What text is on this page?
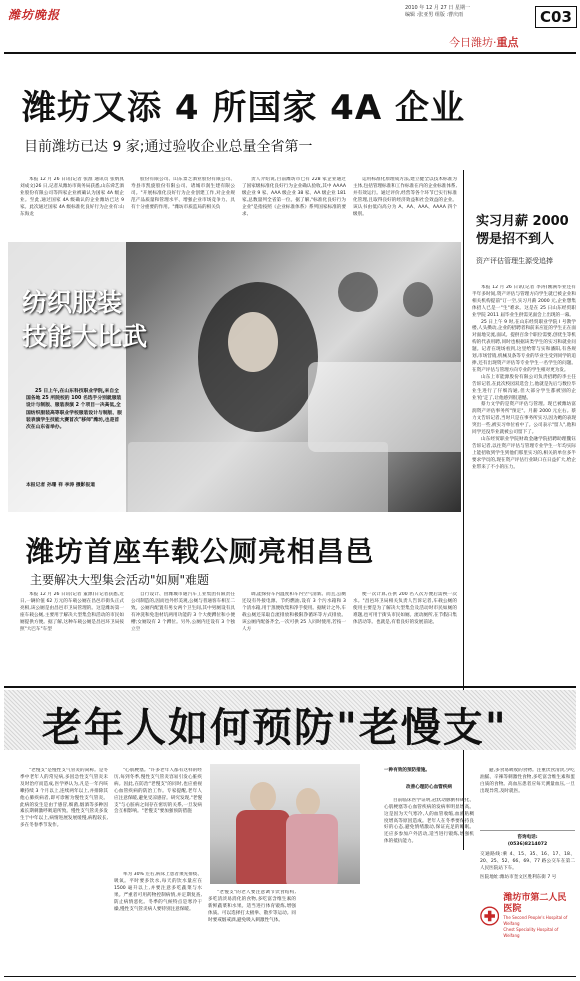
潍坊晚报	2010 年 12 月 27 日 星期一
编辑 :张亚男 组版 :曹庆雨	C03
今日潍坊·重点
潍坊又添 4 所国家 4A 企业
目前潍坊已达 9 家;通过验收企业总量全省第一
本报 12 月 26 日讯(记者 张淮 通讯员 张炳真 刘成文)26 日,记者从潍坊市商务局获悉,山东舜艺酒业股份有限公司等四家企业被确认为国家 4A 级企业。至此,通过国家 4A 级确认的企业潍坊已达 9 家。此次通过国家 4A 级标准化良好行为企业有:山东海龙
股份有限公司、山东景芝酒业股份有限公司、寿县市凯旋股份有限公司、诸城市润生建有限公司。"开展标准化良好行为企业创建工作,对企业规范产品质量和管理水平、增强企业市场竞争力、具有十分重要的作用。"潍坊市质监局的相关负
责人介绍说,目前潍坊市已有 228 家企业通过了国家级标准化良好行为企业确认验收,其中 AAAA 级企业 9 家、AAA 级企业 38 家、AA 级企业 181 家,总数量列全省第一位。据了解,"标准化良好行为企业"是指按照《企业标准体系》系列国家标准的要求,
运用标准化原理成方法,建立健全以技术标准为主体,包括管理标准和工作标准在内的企业标准体系,并有效运行。通过评价,经营等各个环节已实行标准化管理,且取得良好的经济效益和社会效益的企业。该认书由低向高分为 A、AA、AAA、AAAA 四个级别。	实习月薪 2000
愣是招不到人
资产评估管理生源受追捧

本报 12 月 26 日讯(记者 李涛)刚满毕业还有半年多时间,资产评估与管理方向学生就已被企业和相关机构提前"订一空,实习月薪 2000 元,企业想集体招人已是一"生"难求。这是在 25 日山东经贸职业学院 2011 届毕业生供需见面会上出现的一幕。

25 日上午 9 时,在山东经贸职业学院 I 号教学楼,人头攒动,企业的招聘者和前来应征的学生正在面对面地交流,面试。提供百余个职位需要,创优生等机构的代表用聘,同时也根据该类学生的实习和就业问题。记者在现场看到,这里给带与实和潘阳,有各规划,市场营销,机械及条等专业的毕业生受到同学的追捧,还有出现资产评估等专业学生一名学生的问题。在资产评估与管理方向专业的学生相对更为发。

山东上市能源股份有限公司负责招聘的李主任告诉记者,在此次校园双选会上,他就是先后与数位毕业生进行了仔细沟通,但大部分学生都被别的企业'抢'走了,让他感到很遗憾。

蔡力文学的是资产评估与管理。现已被潍坊富润资产评估事务所"预定"。月薪 2000 元左右。蔡力文告诉记者,当时只是在事务所实习,因为她的表现突出一些,被实习单位看中了。公司表示"留人",他和同学还没毕业就被公司留下了。

山东经贸职业学院财政金融学院招聘助理魏钰告诉记者,以往资产评估与管理专业学生一年均实际上能招收到学生到他们那里实习的,相关的单位多半要求学员的,现在资产评估行业缺口在日益扩大,给企业带来了不小的压力。

纺织服装
技能大比武
25 日上午,在山东科技职业学院,来自全国各地 25 所院校的 100 名选手分别就服装设计与制版、服装表演 2 个项目一决高低,全国纺织服装高等职业学校服装设计与制版、服装表演学生技能大赛首次"移师"潍坊,也是首次在山东省举办。
本报记者 孙珊 祥 李涛 摄影报道
潍坊首座车载公厕亮相昌邑
主要解决大型集会活动"如厕"难题
本报 12 月 26 日讯(记者 董源)日记者获悉,近日,一辆价值 62 万元的车载公厕在昌邑市街头正式亮相,该公厕是由昌邑市卫局管理的。这是潍坊第一座车载公厕,主要用于解决大型集会和活动的市民如厕提供方便。据了解,这种车载公厕是昌邑环卫局按照"大巴车"车型
自行设计、由潍城市通汽车工业集团有限责任公司制造的,因而也外形美观,公厕与普通客车相互二致。公厕内配置有男女两个卫生间,其中男厕设有具有冲洗和免泡材坑两用功能的 3 个大便蹲位和小便槽;女厕设有 2 个蹲位。另外,公厕内还设有 3 个独立空
调,能保持车内温度和车内空气清新。而且,公厕还设有外接电源、节约燃油,设有 3 个污水箱和 3 个清水箱,用于蒸便收集和净手使用。据统计之外,车载公厕还采取自流排放和极限净循环等方式排放。该公厕内配备齐全,一次可供 25 人同时使用,若按一人方
便一次计算,在供 200 名人次方便后需换一次水。"昌邑环卫局相关负责人告诉记者,车载公厕的使用主要是为了解决大型集会及活动时市民如厕的难题,也可用于街头市民如厕。流动厕所,在节假日集体活动等。也就是,有着良好的发展前途。
老年人如何预防"老慢支"
"老慢支"是慢性支气管炎的简称。是冬季中老年人的常见病,多因急性支气管炎未及时治疗而造成,医学界认为,凡是一年内咳嗽持续 3 个月以上,连续两年以上,并排除其他心肺疾病者,即可诊断为慢性支气管炎。此病的发生是由于感冒,细菌,烟酒等多种因素长期刺激呼吸道所致。慢性支气管炎多发生于中年以上,病情进展发展缓慢,病程较长,多在冬春季节发作。
"心肌梗塞。"许多老年人都有这样的经历,每到冬季,慢性支气管炎容易引发心脏疾病。因此,在防治"老慢支"的同时,也应重视心血管疾病的防治工作。专家提醒,老年人应注意保暖,避免受凉感冒。研究发现,"老慢支"与心脏病之间存在密切的关系,一旦发病会互相影响。"老慢支"要加强预防措施
率为 30% 左右,病床上患者须先排痰、吸氧。平时要多饮水,每天的饮水量应在 1500 毫升以上,并要注意多吃蔬菜与水果。严重者可用药物控制病情,并定期复查,防止病情恶化。冬季的气候特点是寒冷干燥,慢性支气管炎病人要特别注意保暖。
"老慢支"的老人要注意调节饮食结构,多吃清淡易消化的食物,多吃富含维生素的新鲜蔬菜和水果。适当进行体育锻炼,增强体质。可以选择打太极拳、散步等运动。同时要戒烟戒酒,避免吸入刺激性气体。
一种有效的预防措施。
改善心理防心血管疾病
目前临床医学证明,冠状动脉粥样硬化、心肌梗塞等心血管疾病的发病率明显增高。这是因为天气寒冷,人的血管收缩,血液粘稠度增高等原因造成。老年人在冬季要保持良好的心态,避免情绪激动,保证充足的睡眠。还应多参加户外活动,适当进行锻炼,增强机体的抵抗能力。
避,多食易吸收的食物。注重饮食清淡,少吃油腻、辛辣等刺激性食物,多吃富含维生素和蛋白质的食物。高血压患者应每天测量血压,一旦出现异常,及时就医。
咨询电话:
(0536)8214072
交通路线:乘 4、15、35、16、17、18、20、25、52、66、69、77 路公交车在第二人民医院站下车。
医院地址:潍坊市奎文区胜利东街 7 号
潍坊市第二人民医院
The Second People's Hospital of Weifang
Chest Speciality Hospital of Weifang
